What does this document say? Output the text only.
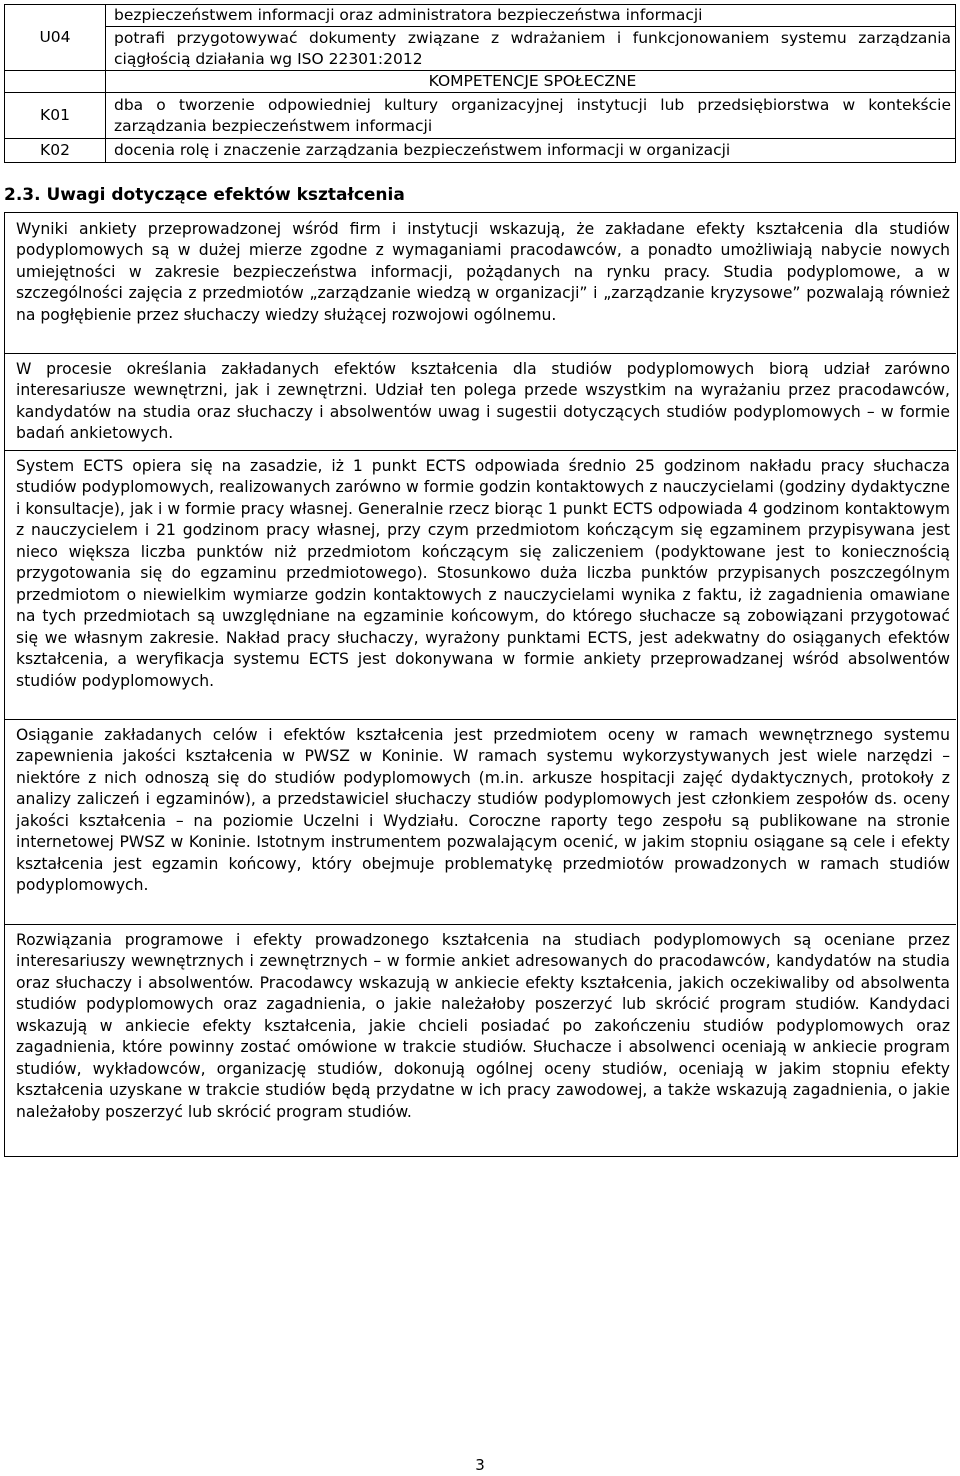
U04	bezpieczeństwem informacji oraz administratora bezpieczeństwa informacji
	potrafi przygotowywać dokumenty związane z wdrażaniem i funkcjonowaniem systemu zarządzania ciągłością działania wg ISO 22301:2012
	KOMPETENCJE SPOŁECZNE
K01	dba o tworzenie odpowiedniej kultury organizacyjnej instytucji lub przedsiębiorstwa w kontekście zarządzania bezpieczeństwem informacji
K02	docenia rolę i znaczenie zarządzania bezpieczeństwem informacji w organizacji
2.3. Uwagi dotyczące efektów kształcenia

Wyniki ankiety przeprowadzonej wśród firm i instytucji wskazują, że zakładane efekty kształcenia dla studiów podyplomowych są w dużej mierze zgodne z wymaganiami pracodawców, a ponadto umożliwiają nabycie nowych umiejętności w zakresie bezpieczeństwa informacji, pożądanych na rynku pracy. Studia podyplomowe, a w szczególności zajęcia z przedmiotów „zarządzanie wiedzą w organizacji” i „zarządzanie kryzysowe” pozwalają również na pogłębienie przez słuchaczy wiedzy służącej rozwojowi ogólnemu.

W procesie określania zakładanych efektów kształcenia dla studiów podyplomowych biorą udział zarówno interesariusze wewnętrzni, jak i zewnętrzni. Udział ten polega przede wszystkim na wyrażaniu przez pracodawców, kandydatów na studia oraz słuchaczy i absolwentów uwag i sugestii dotyczących studiów podyplomowych – w formie badań ankietowych.

System ECTS opiera się na zasadzie, iż 1 punkt ECTS odpowiada średnio 25 godzinom nakładu pracy słuchacza studiów podyplomowych, realizowanych zarówno w formie godzin kontaktowych z nauczycielami (godziny dydaktyczne i konsultacje), jak i w formie pracy własnej. Generalnie rzecz biorąc 1 punkt ECTS odpowiada 4 godzinom kontaktowym z nauczycielem i 21 godzinom pracy własnej, przy czym przedmiotom kończącym się egzaminem przypisywana jest nieco większa liczba punktów niż przedmiotom kończącym się zaliczeniem (podyktowane jest to koniecznością przygotowania się do egzaminu przedmiotowego). Stosunkowo duża liczba punktów przypisanych poszczególnym przedmiotom o niewielkim wymiarze godzin kontaktowych z nauczycielami wynika z faktu, iż zagadnienia omawiane na tych przedmiotach są uwzględniane na egzaminie końcowym, do którego słuchacze są zobowiązani przygotować się we własnym zakresie. Nakład pracy słuchaczy, wyrażony punktami ECTS, jest adekwatny do osiąganych efektów kształcenia, a weryfikacja systemu ECTS jest dokonywana w formie ankiety przeprowadzanej wśród absolwentów studiów podyplomowych.

Osiąganie zakładanych celów i efektów kształcenia jest przedmiotem oceny w ramach wewnętrznego systemu zapewnienia jakości kształcenia w PWSZ w Koninie. W ramach systemu wykorzystywanych jest wiele narzędzi – niektóre z nich odnoszą się do studiów podyplomowych (m.in. arkusze hospitacji zajęć dydaktycznych, protokoły z analizy zaliczeń i egzaminów), a przedstawiciel słuchaczy studiów podyplomowych jest członkiem zespołów ds. oceny jakości kształcenia – na poziomie Uczelni i Wydziału. Coroczne raporty tego zespołu są publikowane na stronie internetowej PWSZ w Koninie. Istotnym instrumentem pozwalającym ocenić, w jakim stopniu osiągane są cele i efekty kształcenia jest egzamin końcowy, który obejmuje problematykę przedmiotów prowadzonych w ramach studiów podyplomowych.

Rozwiązania programowe i efekty prowadzonego kształcenia na studiach podyplomowych są oceniane przez interesariuszy wewnętrznych i zewnętrznych – w formie ankiet adresowanych do pracodawców, kandydatów na studia oraz słuchaczy i absolwentów. Pracodawcy wskazują w ankiecie efekty kształcenia, jakich oczekiwaliby od absolwenta studiów podyplomowych oraz zagadnienia, o jakie należałoby poszerzyć lub skrócić program studiów. Kandydaci wskazują w ankiecie efekty kształcenia, jakie chcieli posiadać po zakończeniu studiów podyplomowych oraz zagadnienia, które powinny zostać omówione w trakcie studiów. Słuchacze i absolwenci oceniają w ankiecie program studiów, wykładowców, organizację studiów, dokonują ogólnej oceny studiów, oceniają w jakim stopniu efekty kształcenia uzyskane w trakcie studiów będą przydatne w ich pracy zawodowej, a także wskazują zagadnienia, o jakie należałoby poszerzyć lub skrócić program studiów.

3
